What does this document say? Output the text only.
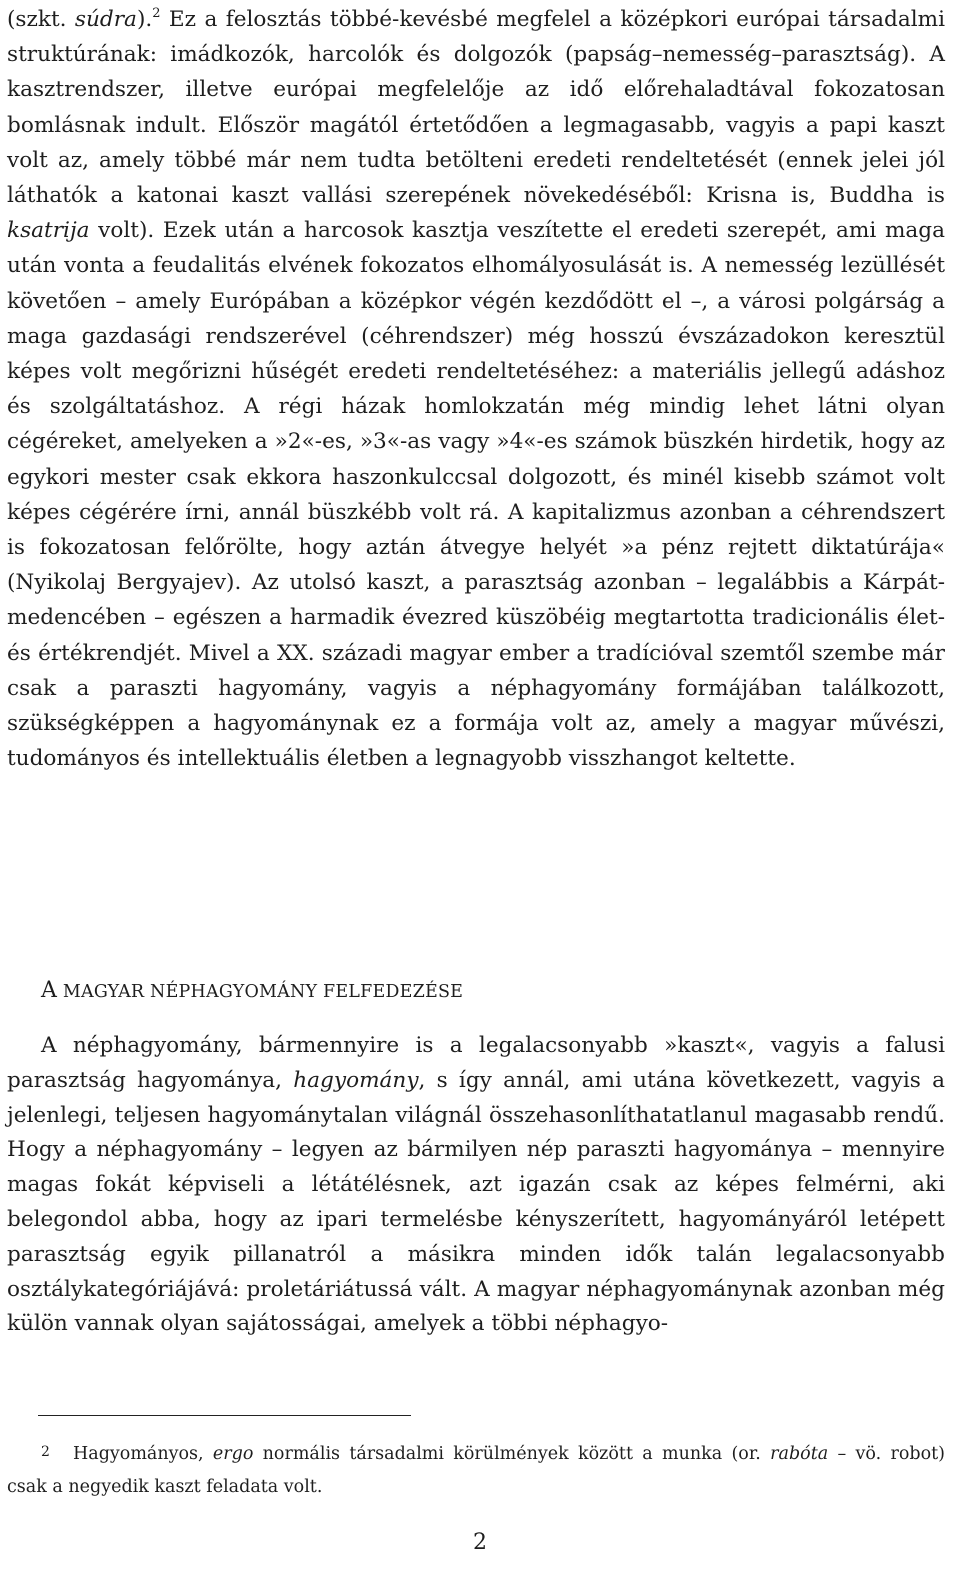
(szkt. súdra).$^2$ Ez a felosztás többé-kevésbé megfelel a középkori európai társadalmi struktúrának: imádkozók, harcolók és dolgozók (papság–nemesség–parasztság). A kasztrendszer, illetve európai megfelelője az idő előrehaladtával fokozatosan bomlásnak indult. Először magától értetődően a legmagasabb, vagyis a papi kaszt volt az, amely többé már nem tudta betölteni eredeti rendeltetését (ennek jelei jól láthatók a katonai kaszt vallási szerepének növekedéséből: Krisna is, Buddha is ksatrija volt). Ezek után a harcosok kasztja veszítette el eredeti szerepét, ami maga után vonta a feudalitás elvének fokozatos elhomályosulását is. A nemesség lezüllését követően – amely Európában a középkor végén kezdődött el –, a városi polgárság a maga gazdasági rendszerével (céhrendszer) még hosszú évszázadokon keresztül képes volt megőrizni hűségét eredeti rendeltetéséhez: a materiális jellegű adáshoz és szolgáltatáshoz. A régi házak homlokzatán még mindig lehet látni olyan cégéreket, amelyeken a »2«-es, »3«-as vagy »4«-es számok büszkén hirdetik, hogy az egykori mester csak ekkora haszonkulccsal dolgozott, és minél kisebb számot volt képes cégérére írni, annál büszkébb volt rá. A kapitalizmus azonban a céhrendszert is fokozatosan felőrölte, hogy aztán átvegye helyét »a pénz rejtett diktatúrája« (Nyikolaj Bergyajev). Az utolsó kaszt, a parasztság azonban – legalábbis a Kárpát-medencében – egészen a harmadik évezred küszöbéig megtartotta tradicionális élet- és értékrendjét. Mivel a XX. századi magyar ember a tradícióval szemtől szembe már csak a paraszti hagyomány, vagyis a néphagyomány formájában találkozott, szükségképpen a hagyománynak ez a formája volt az, amely a magyar művészi, tudományos és intellektuális életben a legnagyobb visszhangot keltette.

A MAGYAR NÉPHAGYOMÁNY FELFEDEZÉSE

A néphagyomány, bármennyire is a legalacsonyabb »kaszt«, vagyis a falusi parasztság hagyománya, hagyomány, s így annál, ami utána következett, vagyis a jelenlegi, teljesen hagyománytalan világnál összehasonlíthatatlanul magasabb rendű. Hogy a néphagyomány – legyen az bármilyen nép paraszti hagyománya – mennyire magas fokát képviseli a létátélésnek, azt igazán csak az képes felmérni, aki belegondol abba, hogy az ipari termelésbe kényszerített, hagyományáról letépett parasztság egyik pillanatról a másikra minden idők talán legalacsonyabb osztálykategóriájává: proletáriátussá vált. A magyar néphagyománynak azonban még külön vannak olyan sajátosságai, amelyek a többi néphagyo-

2 Hagyományos, ergo normális társadalmi körülmények között a munka (or. rabóta – vö. robot) csak a negyedik kaszt feladata volt.

2
